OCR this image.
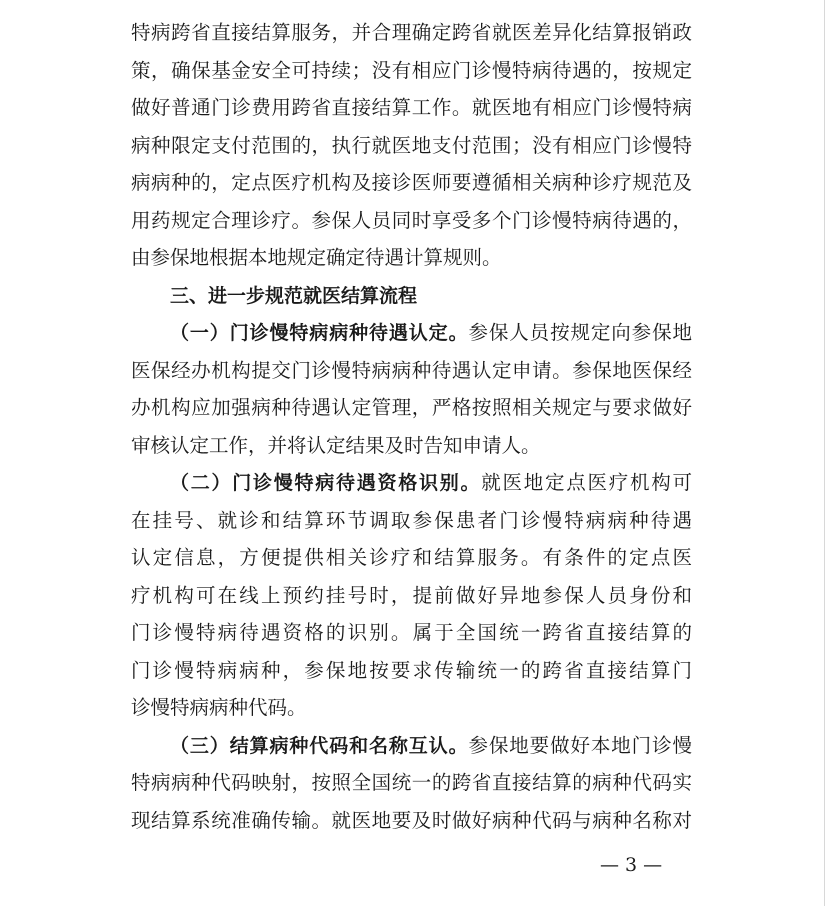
特病跨省直接结算服务，并合理确定跨省就医差异化结算报销政
策，确保基金安全可持续；没有相应门诊慢特病待遇的，按规定
做好普通门诊费用跨省直接结算工作。就医地有相应门诊慢特病
病种限定支付范围的，执行就医地支付范围；没有相应门诊慢特
病病种的，定点医疗机构及接诊医师要遵循相关病种诊疗规范及
用药规定合理诊疗。参保人员同时享受多个门诊慢特病待遇的，
由参保地根据本地规定确定待遇计算规则。
三、进一步规范就医结算流程
（一）门诊慢特病病种待遇认定。参保人员按规定向参保地
医保经办机构提交门诊慢特病病种待遇认定申请。参保地医保经
办机构应加强病种待遇认定管理，严格按照相关规定与要求做好
审核认定工作，并将认定结果及时告知申请人。
（二）门诊慢特病待遇资格识别。就医地定点医疗机构可
在挂号、就诊和结算环节调取参保患者门诊慢特病病种待遇
认定信息，方便提供相关诊疗和结算服务。有条件的定点医
疗机构可在线上预约挂号时，提前做好异地参保人员身份和
门诊慢特病待遇资格的识别。属于全国统一跨省直接结算的
门诊慢特病病种，参保地按要求传输统一的跨省直接结算门
诊慢特病病种代码。
（三）结算病种代码和名称互认。参保地要做好本地门诊慢
特病病种代码映射，按照全国统一的跨省直接结算的病种代码实
现结算系统准确传输。就医地要及时做好病种代码与病种名称对
— 3 —
